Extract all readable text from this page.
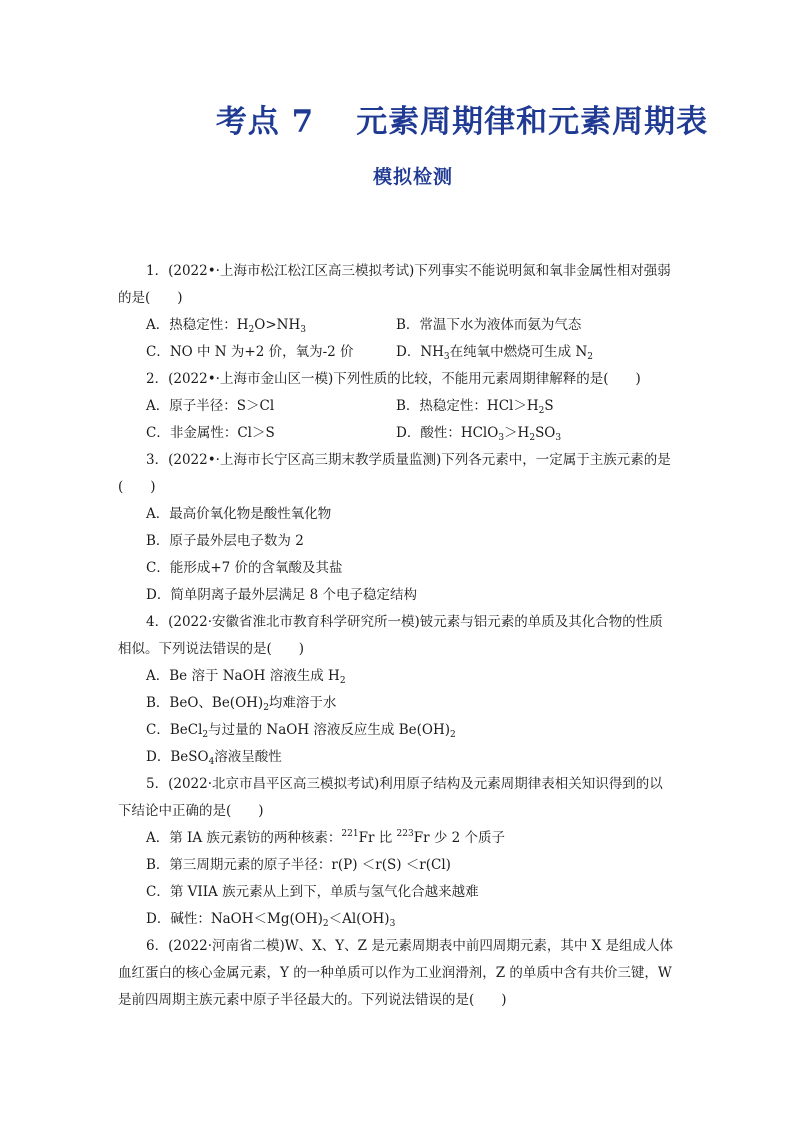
考点 7 元素周期律和元素周期表
模拟检测
1．(2022•·上海市松江松江区高三模拟考试)下列事实不能说明氮和氧非金属性相对强弱
的是(　　)
A．热稳定性：$H_2O>NH_3$	B．常温下水为液体而氨为气态
C．NO 中 N 为+2 价，氧为-2 价	D．$NH_3$在纯氧中燃烧可生成 $N_2$
2．(2022•·上海市金山区一模)下列性质的比较，不能用元素周期律解释的是(　　)
A．原子半径：S＞Cl	B．热稳定性：$HCl>H_2S$
C．非金属性：Cl＞S	D．酸性：$HClO_3>H_2SO_3$
3．(2022•·上海市长宁区高三期末教学质量监测)下列各元素中，一定属于主族元素的是
(　　)
A．最高价氧化物是酸性氧化物
B．原子最外层电子数为 2
C．能形成+7 价的含氧酸及其盐
D．简单阴离子最外层满足 8 个电子稳定结构
4．(2022·安徽省淮北市教育科学研究所一模)铍元素与铝元素的单质及其化合物的性质
相似。下列说法错误的是(　　)
A．Be 溶于 NaOH 溶液生成 $H_2$
B．BeO、$Be(OH)_2$均难溶于水
C．BeCl$_2$与过量的 NaOH 溶液反应生成 $Be(OH)_2$
D．BeSO$_4$溶液呈酸性
5．(2022·北京市昌平区高三模拟考试)利用原子结构及元素周期律表相关知识得到的以
下结论中正确的是(　　)
A．第 IA 族元素钫的两种核素：$^{221}$Fr 比 $^{223}$Fr 少 2 个质子
B．第三周期元素的原子半径：r(P) ＜r(S) ＜r(Cl)
C．第 VIIA 族元素从上到下，单质与氢气化合越来越难
D．碱性：$NaOH<Mg(OH)_2<Al(OH)_3$
6．(2022·河南省二模)W、X、Y、Z 是元素周期表中前四周期元素，其中 X 是组成人体
血红蛋白的核心金属元素，Y 的一种单质可以作为工业润滑剂，Z 的单质中含有共价三键，W
是前四周期主族元素中原子半径最大的。下列说法错误的是(　　)
